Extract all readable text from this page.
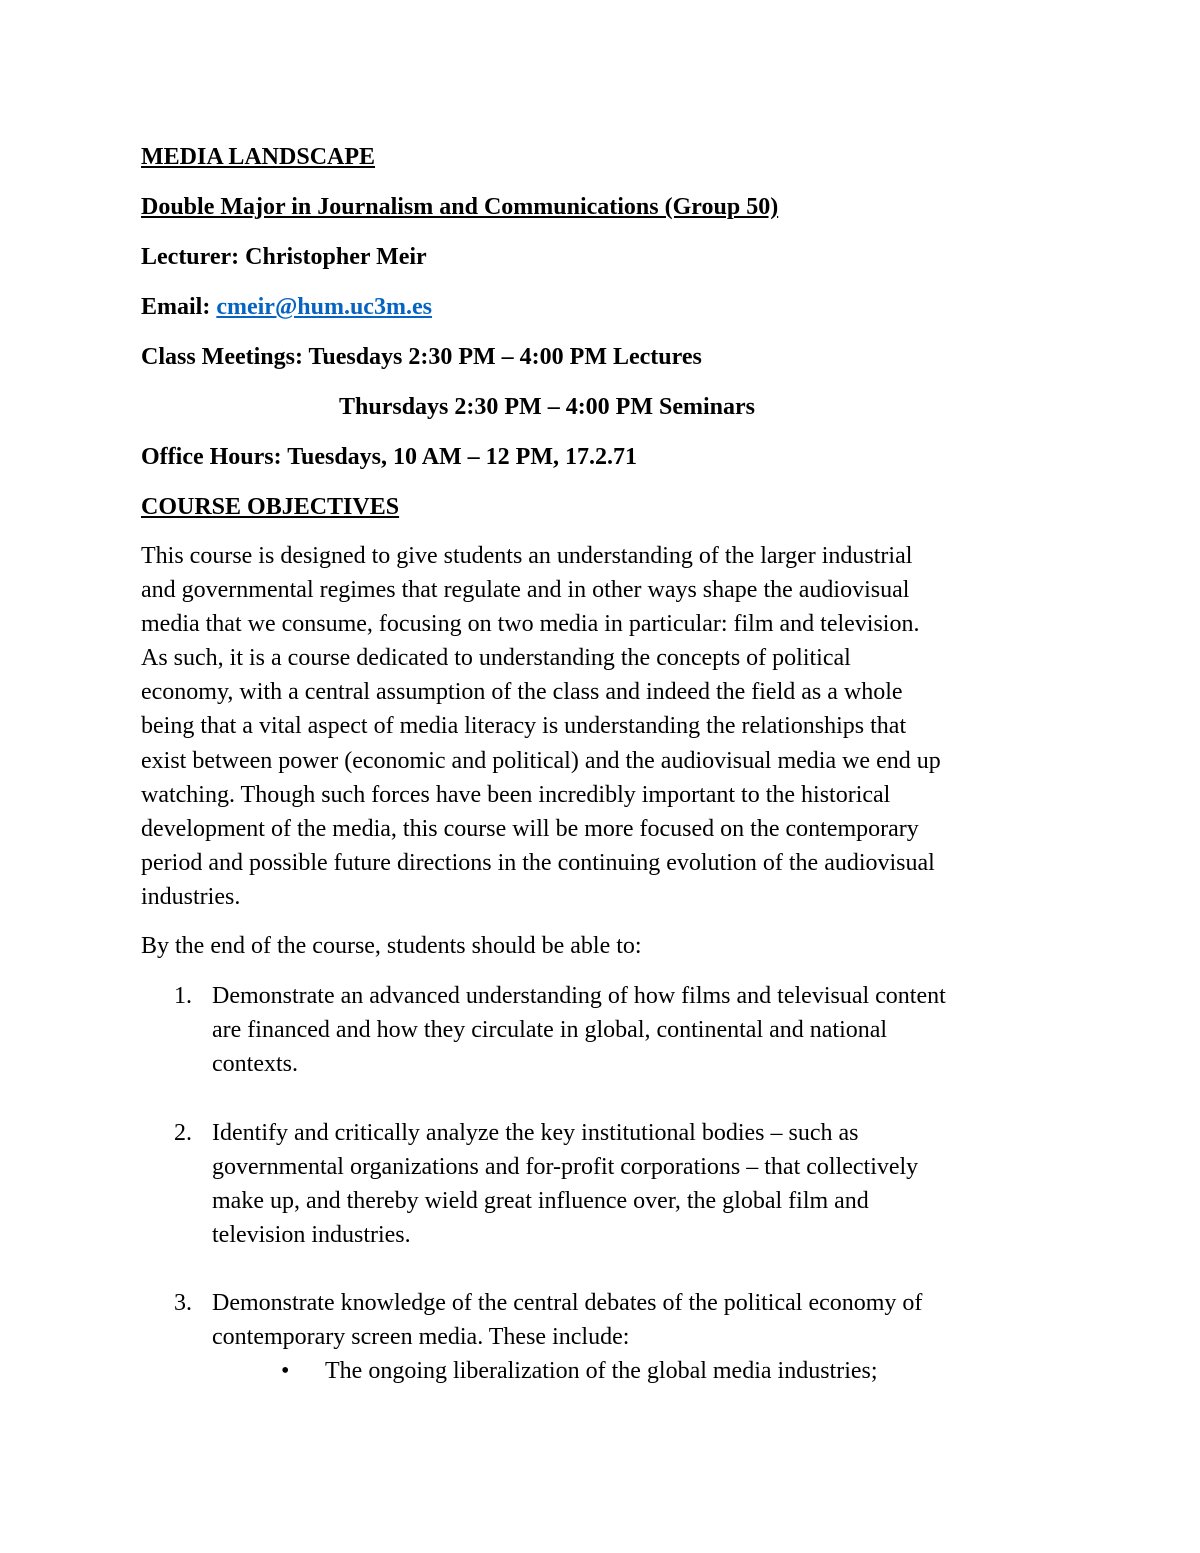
MEDIA LANDSCAPE
Double Major in Journalism and Communications (Group 50)
Lecturer: Christopher Meir
Email: cmeir@hum.uc3m.es
Class Meetings: Tuesdays 2:30 PM – 4:00 PM Lectures
Thursdays 2:30 PM – 4:00 PM Seminars
Office Hours: Tuesdays, 10 AM – 12 PM, 17.2.71
COURSE OBJECTIVES
This course is designed to give students an understanding of the larger industrial
and governmental regimes that regulate and in other ways shape the audiovisual
media that we consume, focusing on two media in particular: film and television.
As such, it is a course dedicated to understanding the concepts of political
economy, with a central assumption of the class and indeed the field as a whole
being that a vital aspect of media literacy is understanding the relationships that
exist between power (economic and political) and the audiovisual media we end up
watching. Though such forces have been incredibly important to the historical
development of the media, this course will be more focused on the contemporary
period and possible future directions in the continuing evolution of the audiovisual
industries.
By the end of the course, students should be able to:
1. Demonstrate an advanced understanding of how films and televisual content
are financed and how they circulate in global, continental and national
contexts.
2. Identify and critically analyze the key institutional bodies – such as
governmental organizations and for-profit corporations – that collectively
make up, and thereby wield great influence over, the global film and
television industries.
3. Demonstrate knowledge of the central debates of the political economy of
contemporary screen media. These include:
• The ongoing liberalization of the global media industries;
